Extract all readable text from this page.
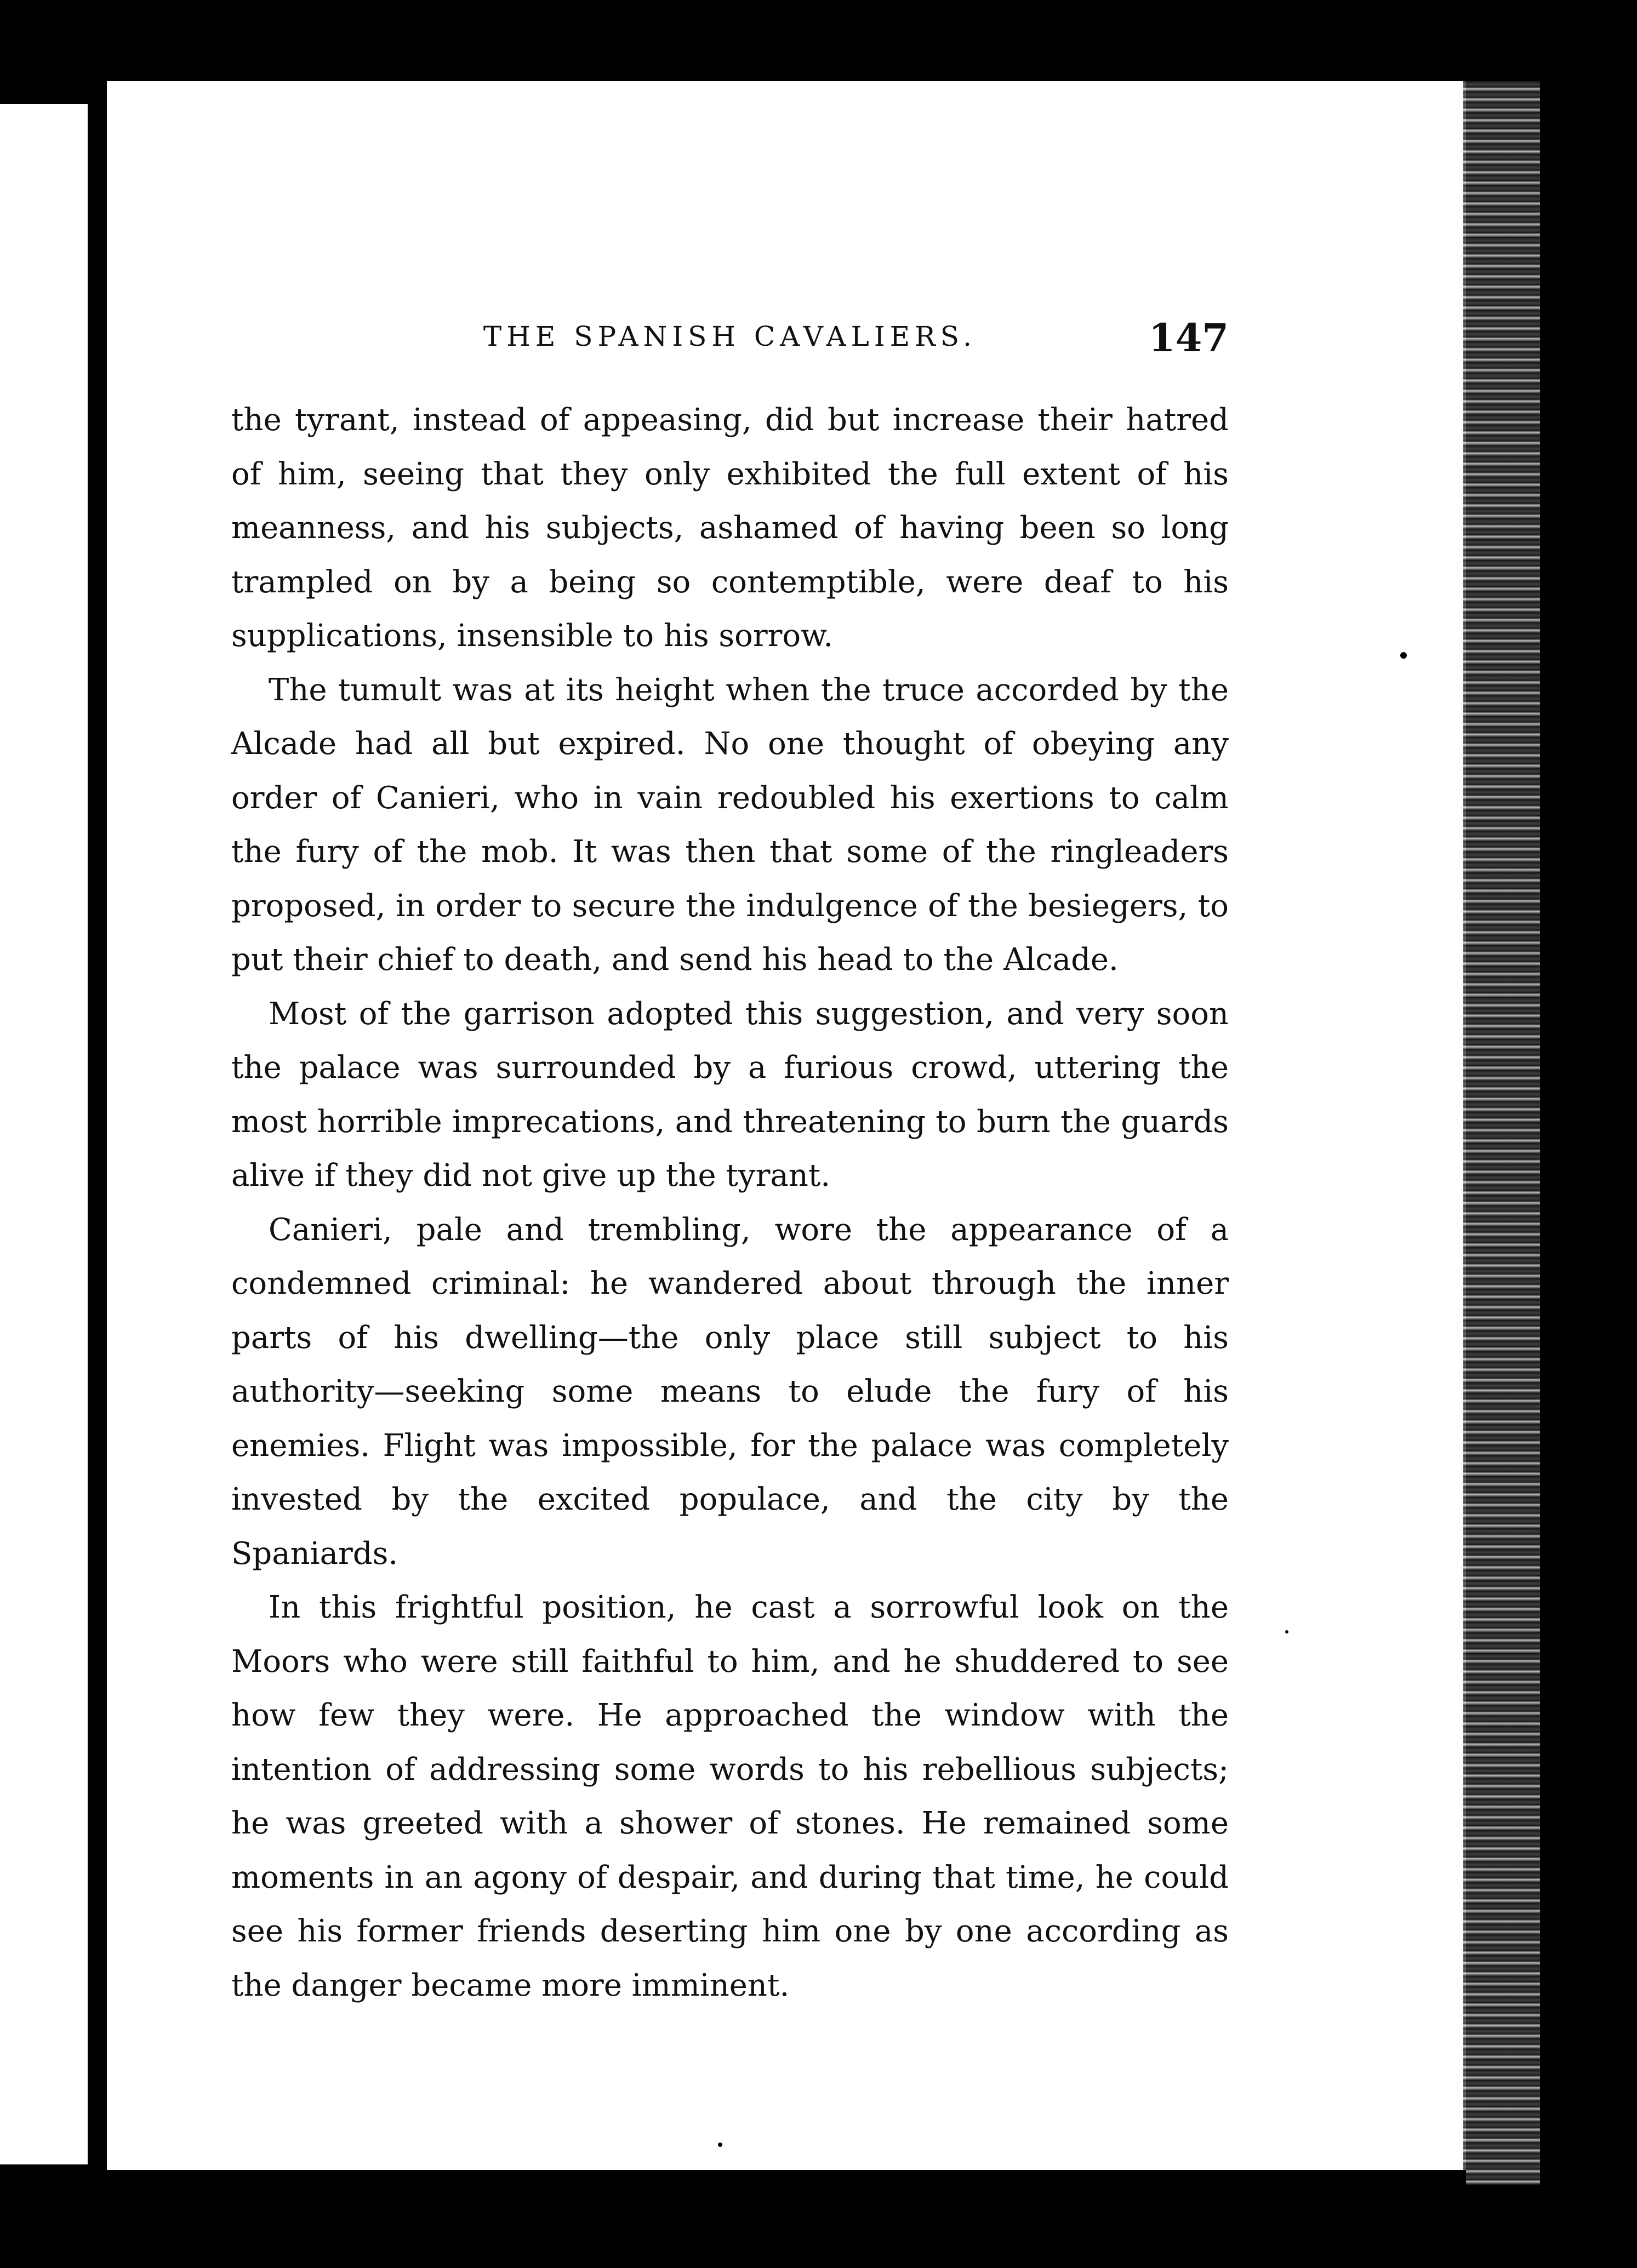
THE SPANISH CAVALIERS.	147

the tyrant, instead of appeasing, did but increase their hatred of him, seeing that they only exhibited the full extent of his meanness, and his subjects, ashamed of having been so long trampled on by a being so contemptible, were deaf to his supplications, insensible to his sorrow.

The tumult was at its height when the truce accorded by the Alcade had all but expired. No one thought of obeying any order of Canieri, who in vain redoubled his exertions to calm the fury of the mob. It was then that some of the ringleaders proposed, in order to secure the indulgence of the besiegers, to put their chief to death, and send his head to the Alcade.

Most of the garrison adopted this suggestion, and very soon the palace was surrounded by a furious crowd, uttering the most horrible imprecations, and threatening to burn the guards alive if they did not give up the tyrant.

Canieri, pale and trembling, wore the appearance of a condemned criminal: he wandered about through the inner parts of his dwelling—the only place still subject to his authority—seeking some means to elude the fury of his enemies. Flight was impossible, for the palace was completely invested by the excited populace, and the city by the Spaniards.

In this frightful position, he cast a sorrowful look on the Moors who were still faithful to him, and he shuddered to see how few they were. He approached the window with the intention of addressing some words to his rebellious subjects; he was greeted with a shower of stones. He remained some moments in an agony of despair, and during that time, he could see his former friends deserting him one by one according as the danger became more imminent.
